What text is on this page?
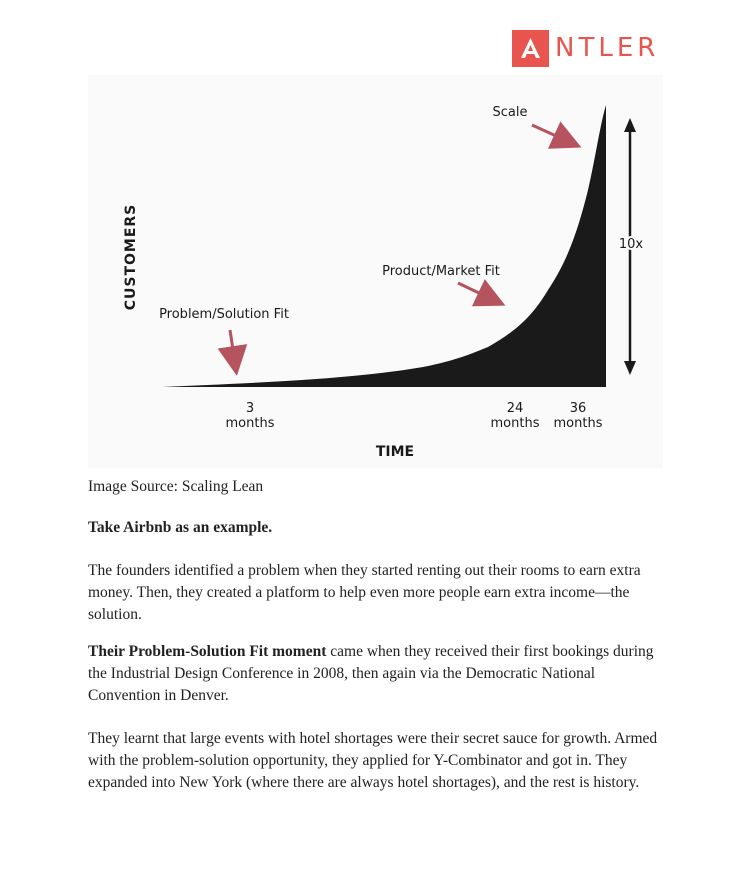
NTLER
CUSTOMERS	10x
Scale
Product/Market Fit
Problem/Solution Fit
3
months
24
months
36
months
TIME

Image Source: Scaling Lean

Take Airbnb as an example.

The founders identified a problem when they started renting out their rooms to earn extra money. Then, they created a platform to help even more people earn extra income—the solution.

Their Problem-Solution Fit moment came when they received their first bookings during the Industrial Design Conference in 2008, then again via the Democratic National Convention in Denver.

They learnt that large events with hotel shortages were their secret sauce for growth. Armed with the problem-solution opportunity, they applied for Y-Combinator and got in. They expanded into New York (where there are always hotel shortages), and the rest is history.
